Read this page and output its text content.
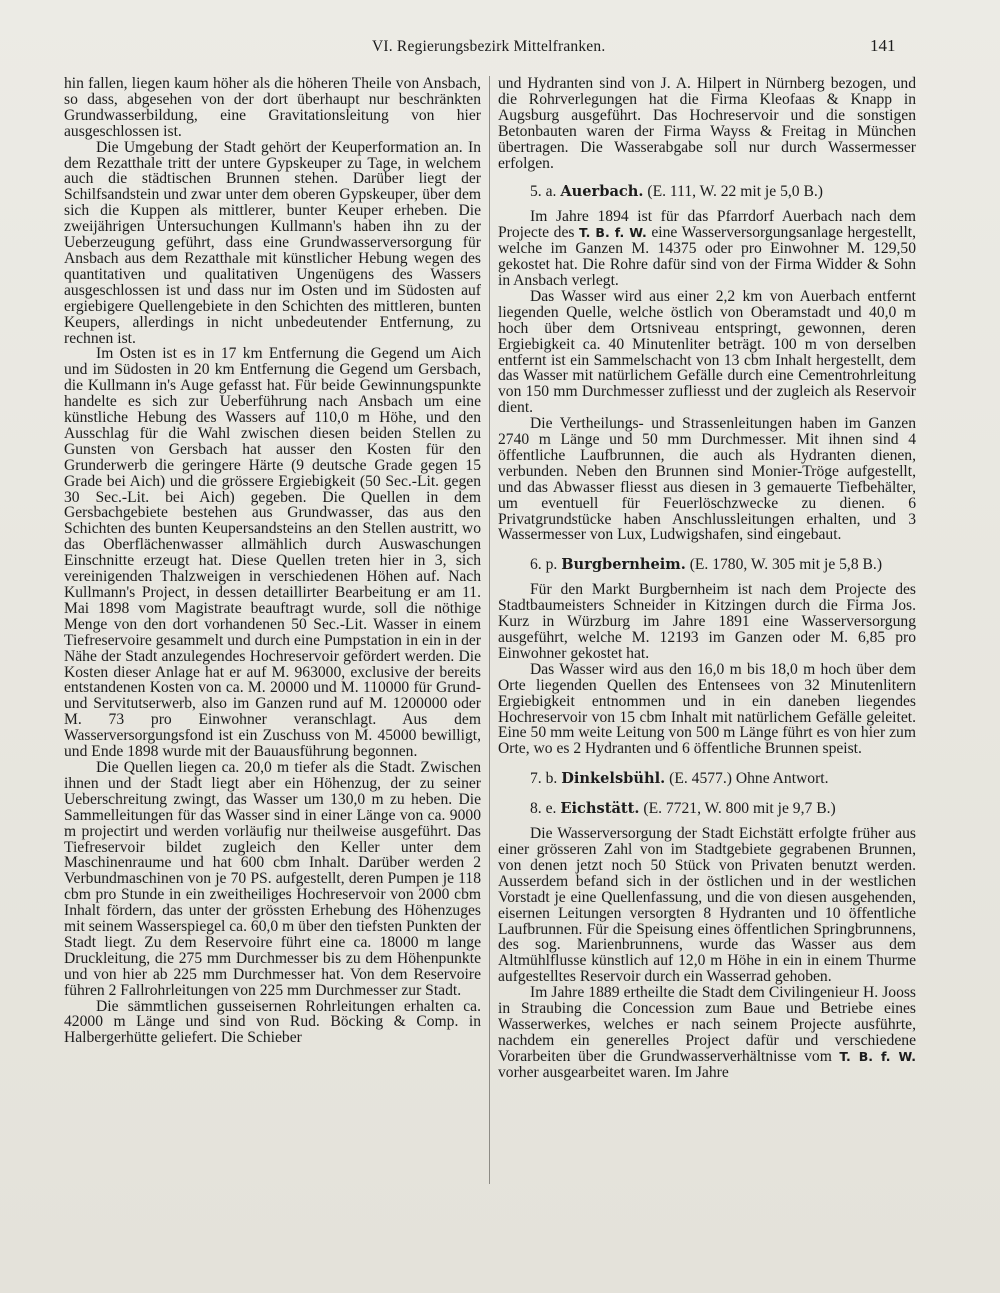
VI. Regierungsbezirk Mittelfranken.	141

hin fallen, liegen kaum höher als die höheren Theile von Ansbach, so dass, abgesehen von der dort überhaupt nur beschränkten Grundwasserbildung, eine Gravitationsleitung von hier ausgeschlossen ist.

Die Umgebung der Stadt gehört der Keuperformation an. In dem Rezatthale tritt der untere Gypskeuper zu Tage, in welchem auch die städtischen Brunnen stehen. Darüber liegt der Schilfsandstein und zwar unter dem oberen Gypskeuper, über dem sich die Kuppen als mittlerer, bunter Keuper erheben. Die zweijährigen Untersuchungen Kullmann's haben ihn zu der Ueberzeugung geführt, dass eine Grundwasserversorgung für Ansbach aus dem Rezatthale mit künstlicher Hebung wegen des quantitativen und qualitativen Ungenügens des Wassers ausgeschlossen ist und dass nur im Osten und im Südosten auf ergiebigere Quellengebiete in den Schichten des mittleren, bunten Keupers, allerdings in nicht unbedeutender Entfernung, zu rechnen ist.

Im Osten ist es in 17 km Entfernung die Gegend um Aich und im Südosten in 20 km Entfernung die Gegend um Gersbach, die Kullmann in's Auge gefasst hat. Für beide Gewinnungspunkte handelte es sich zur Ueberführung nach Ansbach um eine künstliche Hebung des Wassers auf 110,0 m Höhe, und den Ausschlag für die Wahl zwischen diesen beiden Stellen zu Gunsten von Gersbach hat ausser den Kosten für den Grunderwerb die geringere Härte (9 deutsche Grade gegen 15 Grade bei Aich) und die grössere Ergiebigkeit (50 Sec.-Lit. gegen 30 Sec.-Lit. bei Aich) gegeben. Die Quellen in dem Gersbachgebiete bestehen aus Grundwasser, das aus den Schichten des bunten Keupersandsteins an den Stellen austritt, wo das Oberflächenwasser allmählich durch Auswaschungen Einschnitte erzeugt hat. Diese Quellen treten hier in 3, sich vereinigenden Thalzweigen in verschiedenen Höhen auf. Nach Kullmann's Project, in dessen detaillirter Bearbeitung er am 11. Mai 1898 vom Magistrate beauftragt wurde, soll die nöthige Menge von den dort vorhandenen 50 Sec.-Lit. Wasser in einem Tiefreservoire gesammelt und durch eine Pumpstation in ein in der Nähe der Stadt anzulegendes Hochreservoir gefördert werden. Die Kosten dieser Anlage hat er auf M. 963000, exclusive der bereits entstandenen Kosten von ca. M. 20000 und M. 110000 für Grund- und Servitutserwerb, also im Ganzen rund auf M. 1200000 oder M. 73 pro Einwohner veranschlagt. Aus dem Wasserversorgungsfond ist ein Zuschuss von M. 45000 bewilligt, und Ende 1898 wurde mit der Bauausführung begonnen.

Die Quellen liegen ca. 20,0 m tiefer als die Stadt. Zwischen ihnen und der Stadt liegt aber ein Höhenzug, der zu seiner Ueberschreitung zwingt, das Wasser um 130,0 m zu heben. Die Sammelleitungen für das Wasser sind in einer Länge von ca. 9000 m projectirt und werden vorläufig nur theilweise ausgeführt. Das Tiefreservoir bildet zugleich den Keller unter dem Maschinenraume und hat 600 cbm Inhalt. Darüber werden 2 Verbundmaschinen von je 70 PS. aufgestellt, deren Pumpen je 118 cbm pro Stunde in ein zweitheiliges Hochreservoir von 2000 cbm Inhalt fördern, das unter der grössten Erhebung des Höhenzuges mit seinem Wasserspiegel ca. 60,0 m über den tiefsten Punkten der Stadt liegt. Zu dem Reservoire führt eine ca. 18000 m lange Druckleitung, die 275 mm Durchmesser bis zu dem Höhenpunkte und von hier ab 225 mm Durchmesser hat. Von dem Reservoire führen 2 Fallrohrleitungen von 225 mm Durchmesser zur Stadt.

Die sämmtlichen gusseisernen Rohrleitungen erhalten ca. 42000 m Länge und sind von Rud. Böcking & Comp. in Halbergerhütte geliefert. Die Schieber

und Hydranten sind von J. A. Hilpert in Nürnberg bezogen, und die Rohrverlegungen hat die Firma Kleofaas & Knapp in Augsburg ausgeführt. Das Hochreservoir und die sonstigen Betonbauten waren der Firma Wayss & Freitag in München übertragen. Die Wasserabgabe soll nur durch Wassermesser erfolgen.

5. a. Auerbach. (E. 111, W. 22 mit je 5,0 B.)

Im Jahre 1894 ist für das Pfarrdorf Auerbach nach dem Projecte des T. B. f. W. eine Wasserversorgungsanlage hergestellt, welche im Ganzen M. 14375 oder pro Einwohner M. 129,50 gekostet hat. Die Rohre dafür sind von der Firma Widder & Sohn in Ansbach verlegt.

Das Wasser wird aus einer 2,2 km von Auerbach entfernt liegenden Quelle, welche östlich von Oberamstadt und 40,0 m hoch über dem Ortsniveau entspringt, gewonnen, deren Ergiebigkeit ca. 40 Minutenliter beträgt. 100 m von derselben entfernt ist ein Sammelschacht von 13 cbm Inhalt hergestellt, dem das Wasser mit natürlichem Gefälle durch eine Cementrohrleitung von 150 mm Durchmesser zufliesst und der zugleich als Reservoir dient.

Die Vertheilungs- und Strassenleitungen haben im Ganzen 2740 m Länge und 50 mm Durchmesser. Mit ihnen sind 4 öffentliche Laufbrunnen, die auch als Hydranten dienen, verbunden. Neben den Brunnen sind Monier-Tröge aufgestellt, und das Abwasser fliesst aus diesen in 3 gemauerte Tiefbehälter, um eventuell für Feuerlöschzwecke zu dienen. 6 Privatgrundstücke haben Anschlussleitungen erhalten, und 3 Wassermesser von Lux, Ludwigshafen, sind eingebaut.

6. p. Burgbernheim. (E. 1780, W. 305 mit je 5,8 B.)

Für den Markt Burgbernheim ist nach dem Projecte des Stadtbaumeisters Schneider in Kitzingen durch die Firma Jos. Kurz in Würzburg im Jahre 1891 eine Wasserversorgung ausgeführt, welche M. 12193 im Ganzen oder M. 6,85 pro Einwohner gekostet hat.

Das Wasser wird aus den 16,0 m bis 18,0 m hoch über dem Orte liegenden Quellen des Entensees von 32 Minutenlitern Ergiebigkeit entnommen und in ein daneben liegendes Hochreservoir von 15 cbm Inhalt mit natürlichem Gefälle geleitet. Eine 50 mm weite Leitung von 500 m Länge führt es von hier zum Orte, wo es 2 Hydranten und 6 öffentliche Brunnen speist.

7. b. Dinkelsbühl. (E. 4577.) Ohne Antwort.

8. e. Eichstätt. (E. 7721, W. 800 mit je 9,7 B.)

Die Wasserversorgung der Stadt Eichstätt erfolgte früher aus einer grösseren Zahl von im Stadtgebiete gegrabenen Brunnen, von denen jetzt noch 50 Stück von Privaten benutzt werden. Ausserdem befand sich in der östlichen und in der westlichen Vorstadt je eine Quellenfassung, und die von diesen ausgehenden, eisernen Leitungen versorgten 8 Hydranten und 10 öffentliche Laufbrunnen. Für die Speisung eines öffentlichen Springbrunnens, des sog. Marienbrunnens, wurde das Wasser aus dem Altmühlflusse künstlich auf 12,0 m Höhe in ein in einem Thurme aufgestelltes Reservoir durch ein Wasserrad gehoben.

Im Jahre 1889 ertheilte die Stadt dem Civilingenieur H. Jooss in Straubing die Concession zum Baue und Betriebe eines Wasserwerkes, welches er nach seinem Projecte ausführte, nachdem ein generelles Project dafür und verschiedene Vorarbeiten über die Grundwasserverhältnisse vom T. B. f. W. vorher ausgearbeitet waren. Im Jahre
